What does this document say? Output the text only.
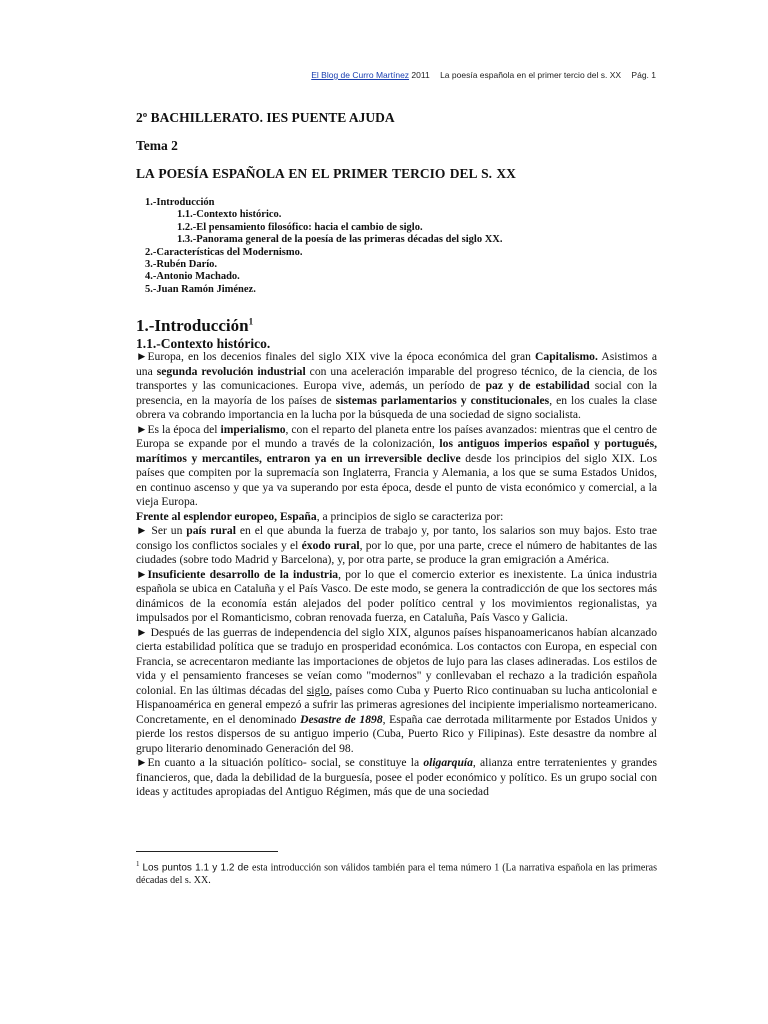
El Blog de Curro Martínez 2011 La poesía española en el primer tercio del s. XX Pág. 1
2º BACHILLERATO. IES PUENTE AJUDA
Tema 2
LA POESÍA ESPAÑOLA EN EL PRIMER TERCIO DEL S. XX
1.-Introducción
1.1.-Contexto histórico.
1.2.-El pensamiento filosófico: hacia el cambio de siglo.
1.3.-Panorama general de la poesía de las primeras décadas del siglo XX.
2.-Características del Modernismo.
3.-Rubén Darío.
4.-Antonio Machado.
5.-Juan Ramón Jiménez.
1.-Introducción$^1$
1.1.-Contexto histórico.

►Europa, en los decenios finales del siglo XIX vive la época económica del gran Capitalismo. Asistimos a una segunda revolución industrial con una aceleración imparable del progreso técnico, de la ciencia, de los transportes y las comunicaciones. Europa vive, además, un período de paz y de estabilidad social con la presencia, en la mayoría de los países de sistemas parlamentarios y constitucionales, en los cuales la clase obrera va cobrando importancia en la lucha por la búsqueda de una sociedad de signo socialista.

►Es la época del imperialismo, con el reparto del planeta entre los países avanzados: mientras que el centro de Europa se expande por el mundo a través de la colonización, los antiguos imperios español y portugués, marítimos y mercantiles, entraron ya en un irreversible declive desde los principios del siglo XIX. Los países que compiten por la supremacía son Inglaterra, Francia y Alemania, a los que se suma Estados Unidos, en continuo ascenso y que ya va superando por esta época, desde el punto de vista económico y comercial, a la vieja Europa.

Frente al esplendor europeo, España, a principios de siglo se caracteriza por:

► Ser un país rural en el que abunda la fuerza de trabajo y, por tanto, los salarios son muy bajos. Esto trae consigo los conflictos sociales y el éxodo rural, por lo que, por una parte, crece el número de habitantes de las ciudades (sobre todo Madrid y Barcelona), y, por otra parte, se produce la gran emigración a América.

►Insuficiente desarrollo de la industria, por lo que el comercio exterior es inexistente. La única industria española se ubica en Cataluña y el País Vasco. De este modo, se genera la contradicción de que los sectores más dinámicos de la economía están alejados del poder político central y los movimientos regionalistas, ya impulsados por el Romanticismo, cobran renovada fuerza, en Cataluña, País Vasco y Galicia.

► Después de las guerras de independencia del siglo XIX, algunos países hispanoamericanos habían alcanzado cierta estabilidad política que se tradujo en prosperidad económica. Los contactos con Europa, en especial con Francia, se acrecentaron mediante las importaciones de objetos de lujo para las clases adineradas. Los estilos de vida y el pensamiento franceses se veían como "modernos" y conllevaban el rechazo a la tradición española colonial. En las últimas décadas del siglo, países como Cuba y Puerto Rico continuaban su lucha anticolonial e Hispanoamérica en general empezó a sufrir las primeras agresiones del incipiente imperialismo norteamericano. Concretamente, en el denominado Desastre de 1898, España cae derrotada militarmente por Estados Unidos y pierde los restos dispersos de su antiguo imperio (Cuba, Puerto Rico y Filipinas). Este desastre da nombre al grupo literario denominado Generación del 98.

►En cuanto a la situación político- social, se constituye la oligarquía, alianza entre terratenientes y grandes financieros, que, dada la debilidad de la burguesía, posee el poder económico y político. Es un grupo social con ideas y actitudes apropiadas del Antiguo Régimen, más que de una sociedad

$^1$ Los puntos 1.1 y 1.2 de esta introducción son válidos también para el tema número 1 (La narrativa española en las primeras décadas del s. XX.
